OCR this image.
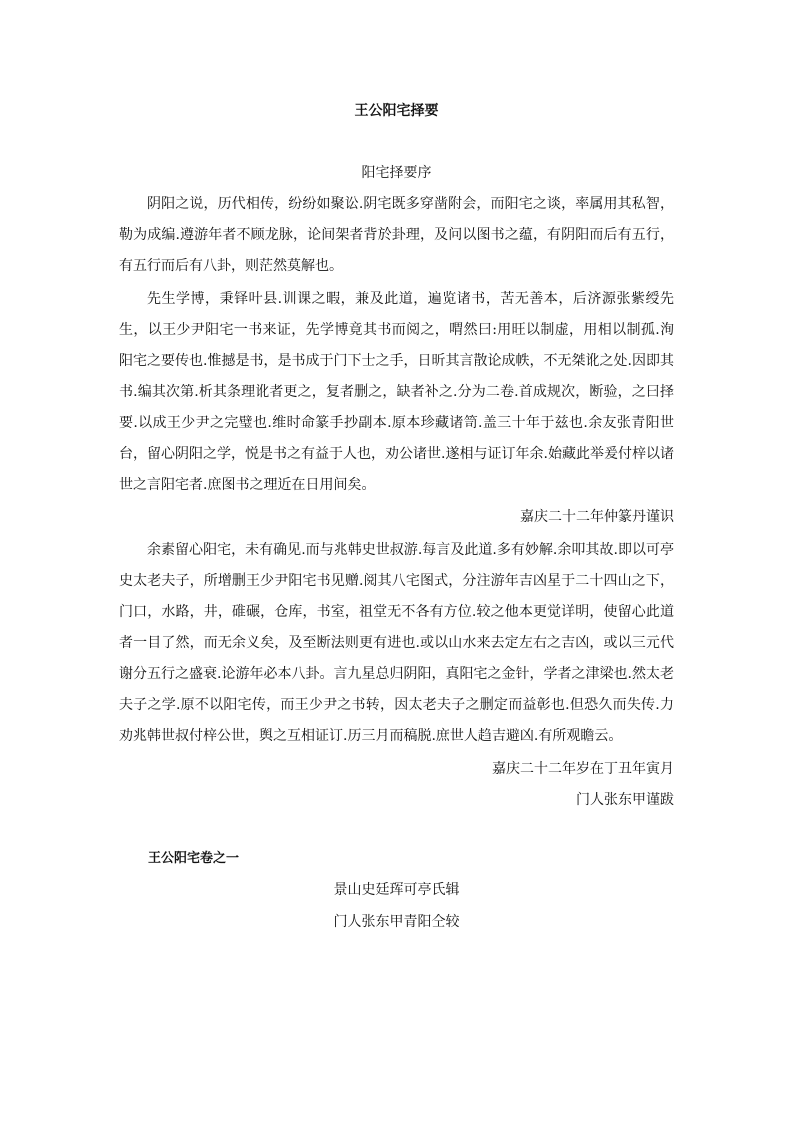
王公阳宅择要
阳宅择要序

阴阳之说，历代相传，纷纷如聚讼.阴宅既多穿凿附会，而阳宅之谈，率属用其私智，勒为成编.遵游年者不顾龙脉，论间架者背於卦理，及问以图书之蕴，有阴阳而后有五行，有五行而后有八卦，则茫然莫解也。

先生学博，秉铎叶县.训课之暇，兼及此道，遍览诸书，苦无善本，后济源张紫绶先生，以王少尹阳宅一书来证，先学博竟其书而阅之，喟然曰:用旺以制虚，用相以制孤.洵阳宅之要传也.惟撼是书，是书成于门下士之手，日昕其言散论成帙，不无桀讹之处.因即其书.编其次第.析其条理讹者更之，复者删之，缺者补之.分为二卷.首成规次，断验，之曰择要.以成王少尹之完璧也.维时命篆手抄副本.原本珍藏诸笥.盖三十年于兹也.余友张青阳世台，留心阴阳之学，悦是书之有益于人也，劝公诸世.遂相与证订年余.始藏此举爰付梓以诸世之言阳宅者.庶图书之理近在日用间矣。

嘉庆二十二年仲篆丹谨识

余素留心阳宅，未有确见.而与兆韩史世叔游.每言及此道.多有妙解.余叩其故.即以可亭史太老夫子，所增删王少尹阳宅书见赠.阅其八宅图式，分注游年吉凶星于二十四山之下，门口，水路，井，碓碾，仓库，书室，祖堂无不各有方位.较之他本更觉详明，使留心此道者一目了然，而无余义矣，及至断法则更有进也.或以山水来去定左右之吉凶，或以三元代谢分五行之盛衰.论游年必本八卦。言九星总归阴阳，真阳宅之金针，学者之津梁也.然太老夫子之学.原不以阳宅传，而王少尹之书转，因太老夫子之删定而益彰也.但恐久而失传.力劝兆韩世叔付梓公世，舆之互相证订.历三月而稿脱.庶世人趋吉避凶.有所观瞻云。

嘉庆二十二年岁在丁丑年寅月
门人张东甲谨跋
王公阳宅卷之一
景山史廷珲可亭氏辑
门人张东甲青阳仝较
